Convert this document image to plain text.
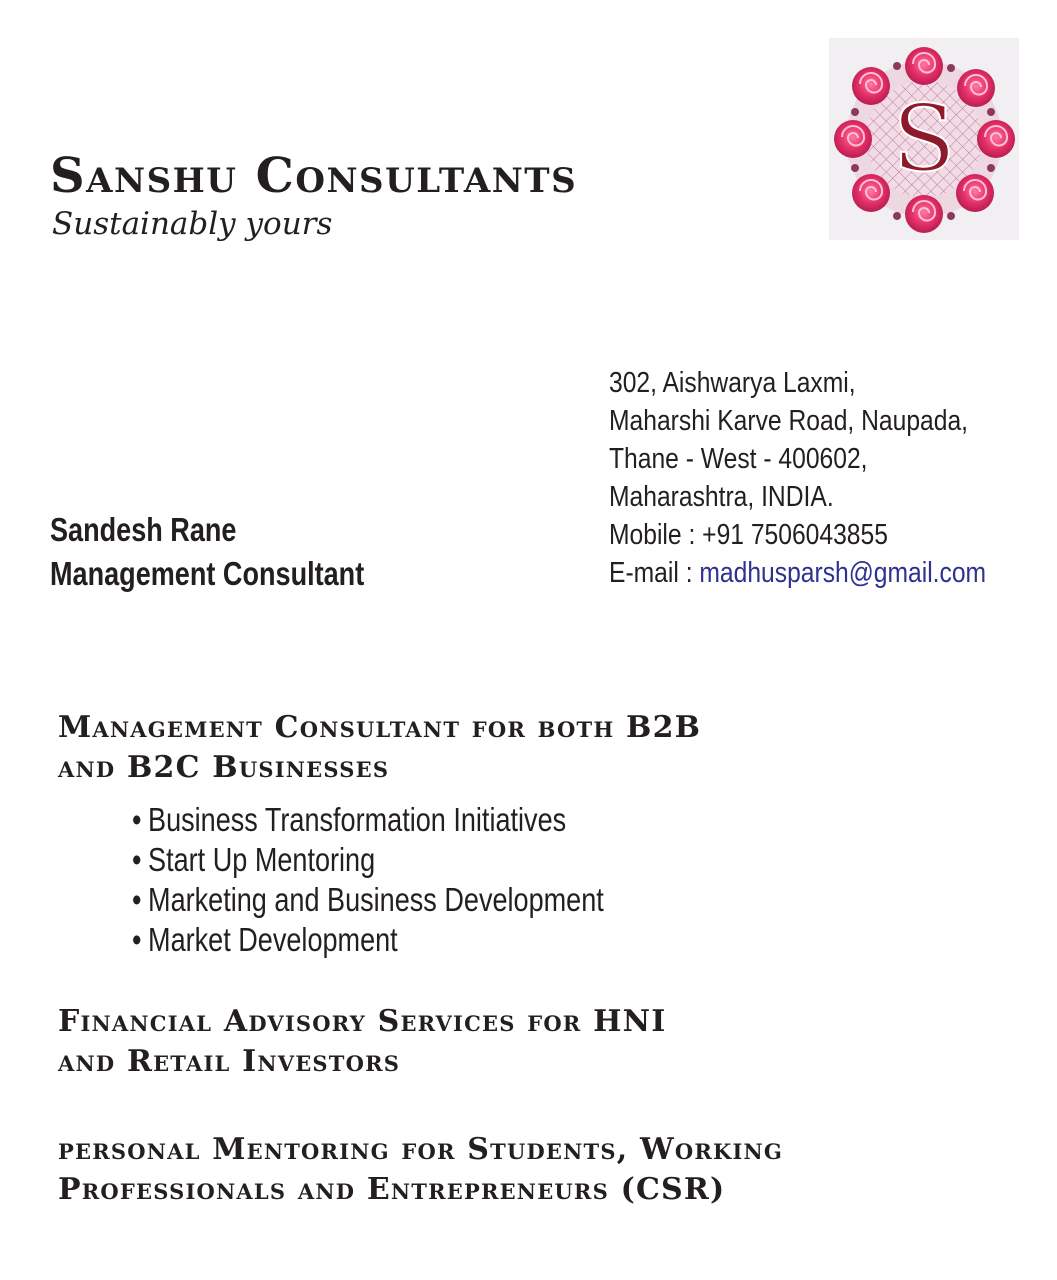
Sanshu Consultants

Sustainably yours

S
Sandesh Rane
Management Consultant
302, Aishwarya Laxmi,
Maharshi Karve Road, Naupada,
Thane - West - 400602,
Maharashtra, INDIA.
Mobile : +91 7506043855
E-mail : madhusparsh@gmail.com
Management Consultant for both B2B
and B2C Businesses
• Business Transformation Initiatives
• Start Up Mentoring
• Marketing and Business Development
• Market Development
Financial Advisory Services for HNI
and Retail Investors
personal Mentoring for Students, Working
Professionals and Entrepreneurs (CSR)
